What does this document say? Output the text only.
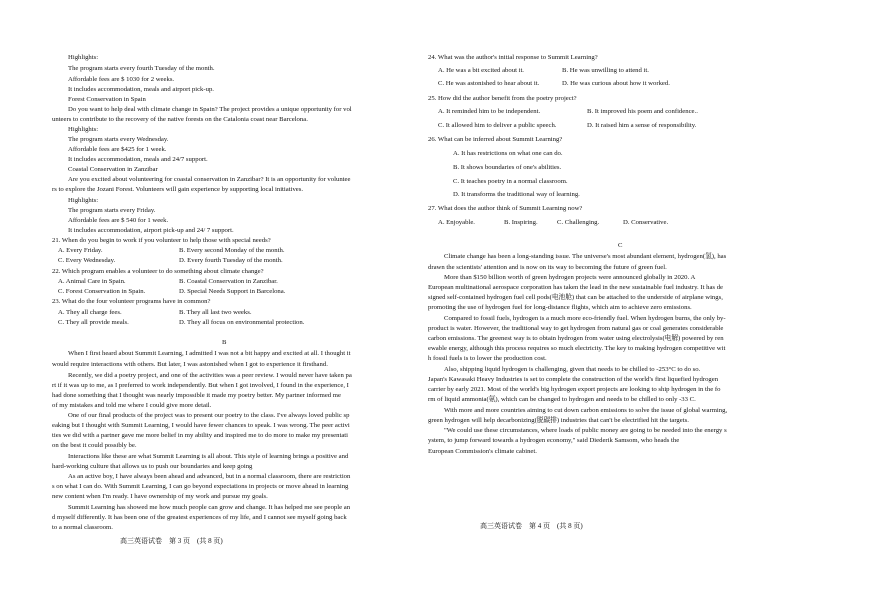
Highlights:
The program starts every fourth Tuesday of the month.
Affordable fees are $ 1030 for 2 weeks.
It includes accommodation, meals and airport pick-up.
Forest Conservation in Spain
Do you want to help deal with climate change in Spain? The project provides a unique opportunity for vol
unteers to contribute to the recovery of the native forests on the Catalonia coast near Barcelona.
Highlights:
The program starts every Wednesday.
Affordable fees are $425 for 1 week.
It includes accommodation, meals and 24/7 support.
Coastal Conservation in Zanzibar
Are you excited about volunteering for coastal conservation in Zanzibar? It is an opportunity for voluntee
rs to explore the Jozani Forest. Volunteers will gain experience by supporting local initiatives.
Highlights:
The program starts every Friday.
Affordable fees are $ 540 for 1 week.
It includes accommodation, airport pick-up and 24/ 7 support.
21. When do you begin to work if you volunteer to help those with special needs?
22. Which program enables a volunteer to do something about climate change?
23. What do the four volunteer programs have in common?
When I first heard about Summit Learning, I admitted I was not a bit happy and excited at all. I thought it
would require interactions with others. But later, I was astonished when I got to experience it firsthand.
Recently, we did a poetry project, and one of the activities was a peer review. I would never have taken pa
rt if it was up to me, as I preferred to work independently. But when I got involved, I found in the experience, I
had done something that I thought was nearly impossible it made my poetry better. My partner informed me
of my mistakes and told me where I could give more detail.
One of our final products of the project was to present our poetry to the class. I've always loved public sp
eaking but I thought with Summit Learning, I would have fewer chances to speak. I was wrong. The peer activi
ties we did with a partner gave me more belief in my ability and inspired me to do more to make my presentati
on the best it could possibly be.
Interactions like these are what Summit Learning is all about. This style of learning brings a positive and
hard-working culture that allows us to push our boundaries and keep going
As an active boy, I have always been ahead and advanced, but in a normal classroom, there are restriction
s on what I can do. With Summit Learning, I can go beyond expectations in projects or move ahead in learning
new content when I'm ready. I have ownership of my work and pursue my goals.
Summit Learning has showed me how much people can grow and change. It has helped me see people an
d myself differently. It has been one of the greatest experiences of my life, and I cannot see myself going back
to a normal classroom.
A. Every Friday.	B. Every second Monday of the month.
C. Every Wednesday.	D. Every fourth Tuesday of the month.
A. Animal Care in Spain.	B. Coastal Conservation in Zanzibar.
C. Forest Conservation in Spain.	D. Special Needs Support in Barcelona.
A. They all charge fees.	B. They all last two weeks.
C. They all provide meals.	D. They all focus on environmental protection.
B
24. What was the author's initial response to Summit Learning?
A. He was a bit excited about it.	B. He was unwilling to attend it.
C. He was astonished to hear about it.	D. He was curious about how it worked.
25. How did the author benefit from the poetry project?
A. It reminded him to be independent.	B. It improved his poem and confidence..
C. It allowed him to deliver a public speech.	D. It raised him a sense of responsibility.
26. What can be inferred about Summit Learning?
A. It has restrictions on what one can do.
B. It shows boundaries of one's abilities.
C. It teaches poetry in a normal classroom.
D. It transforms the traditional way of learning.
27. What does the author think of Summit Learning now?
A. Enjoyable.	B. Inspiring.	C. Challenging.	D. Conservative.
C
Climate change has been a long-standing issue. The universe's most abundant element, hydrogen(氢), has
drawn the scientists' attention and is now on its way to becoming the future of green fuel.
More than $150 billion worth of green hydrogen projects were announced globally in 2020. A
European multinational aerospace corporation has taken the lead in the new sustainable fuel industry. It has de
signed self-contained hydrogen fuel cell pods(电池舱) that can be attached to the underside of airplane wings,
promoting the use of hydrogen fuel for long-distance flights, which aim to achieve zero emissions.
Compared to fossil fuels, hydrogen is a much more eco-friendly fuel. When hydrogen burns, the only by-
product is water. However, the traditional way to get hydrogen from natural gas or coal generates considerable
carbon emissions. The greenest way is to obtain hydrogen from water using electrolysis(电解) powered by ren
ewable energy, although this process requires so much electricity. The key to making hydrogen competitive wit
h fossil fuels is to lower the production cost.
Also, shipping liquid hydrogen is challenging, given that needs to be chilled to -253°C to do so.
Japan's Kawasaki Heavy Industries is set to complete the construction of the world's first liquefied hydrogen
carrier by early 2021. Most of the world's big hydrogen export projects are looking to ship hydrogen in the fo
rm of liquid ammonia(氨), which can be changed to hydrogen and needs to be chilled to only -33 C.
With more and more countries aiming to cut down carbon emissions to solve the issue of global warming,
green hydrogen will help decarbonizing(脱碳排) industries that can't be electrified hit the targets.
"We could use these circumstances, where loads of public money are going to be needed into the energy s
ystem, to jump forward towards a hydrogen economy," said Diederik Samsom, who heads the
European Commission's climate cabinet.
高三英语试卷　第 3 页　(共 8 页)
高三英语试卷　第 4 页　(共 8 页)
